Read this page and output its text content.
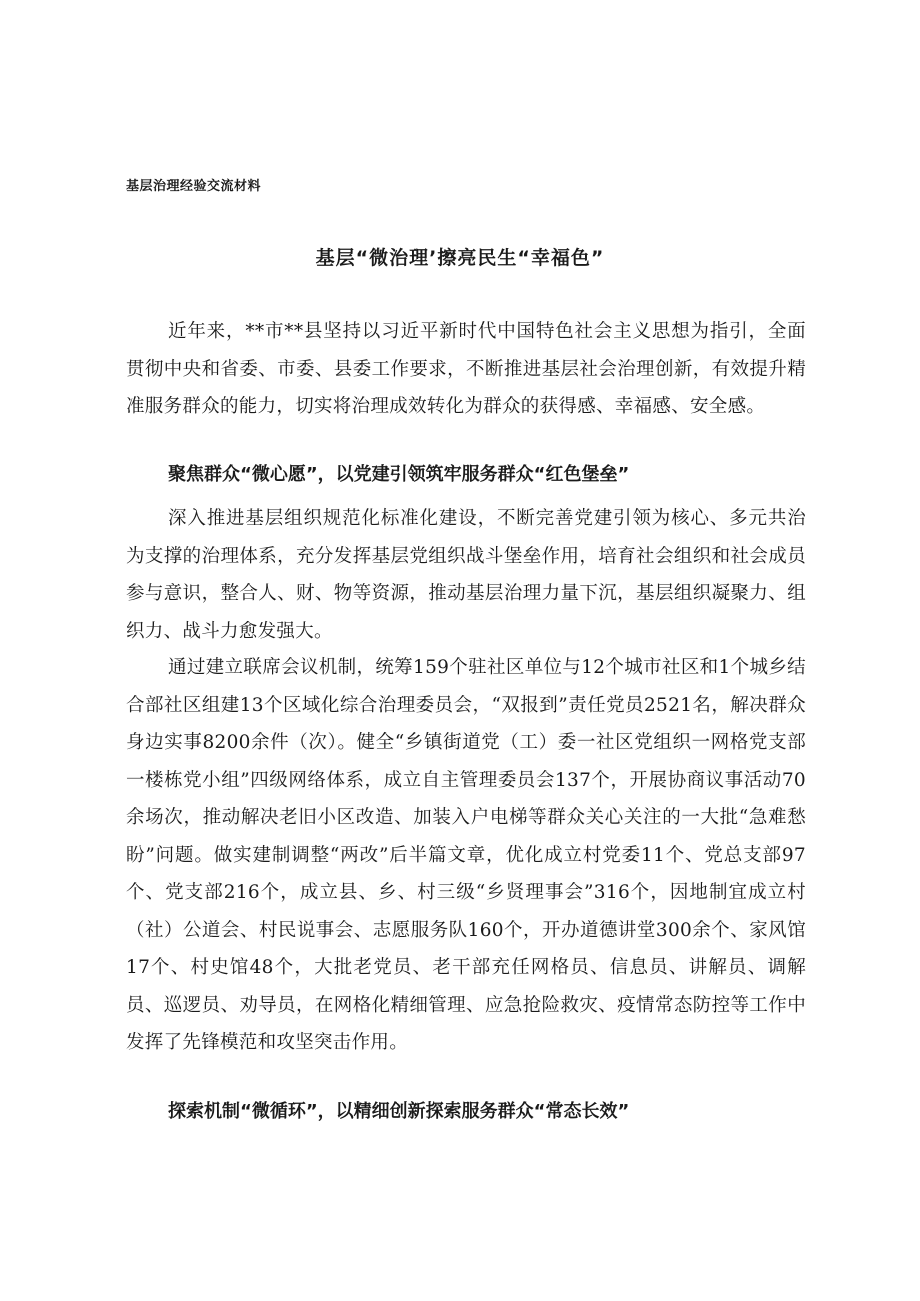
基层治理经验交流材料
基层“微治理’擦亮民生“幸福色”

近年来，**市**县坚持以习近平新时代中国特色社会主义思想为指引，全面贯彻中央和省委、市委、县委工作要求，不断推进基层社会治理创新，有效提升精准服务群众的能力，切实将治理成效转化为群众的获得感、幸福感、安全感。

聚焦群众“微心愿”，以党建引领筑牢服务群众“红色堡垒”

深入推进基层组织规范化标准化建设，不断完善党建引领为核心、多元共治为支撑的治理体系，充分发挥基层党组织战斗堡垒作用，培育社会组织和社会成员参与意识，整合人、财、物等资源，推动基层治理力量下沉，基层组织凝聚力、组织力、战斗力愈发强大。

通过建立联席会议机制，统筹159个驻社区单位与12个城市社区和1个城乡结合部社区组建13个区域化综合治理委员会，“双报到”责任党员2521名，解决群众身边实事8200余件（次）。健全“乡镇街道党（工）委一社区党组织一网格党支部一楼栋党小组”四级网络体系，成立自主管理委员会137个，开展协商议事活动70余场次，推动解决老旧小区改造、加装入户电梯等群众关心关注的一大批“急难愁盼”问题。做实建制调整“两改”后半篇文章，优化成立村党委11个、党总支部97个、党支部216个，成立县、乡、村三级“乡贤理事会”316个，因地制宜成立村（社）公道会、村民说事会、志愿服务队160个，开办道德讲堂300余个、家风馆17个、村史馆48个，大批老党员、老干部充任网格员、信息员、讲解员、调解员、巡逻员、劝导员，在网格化精细管理、应急抢险救灾、疫情常态防控等工作中发挥了先锋模范和攻坚突击作用。

探索机制“微循环”，以精细创新探索服务群众“常态长效”
